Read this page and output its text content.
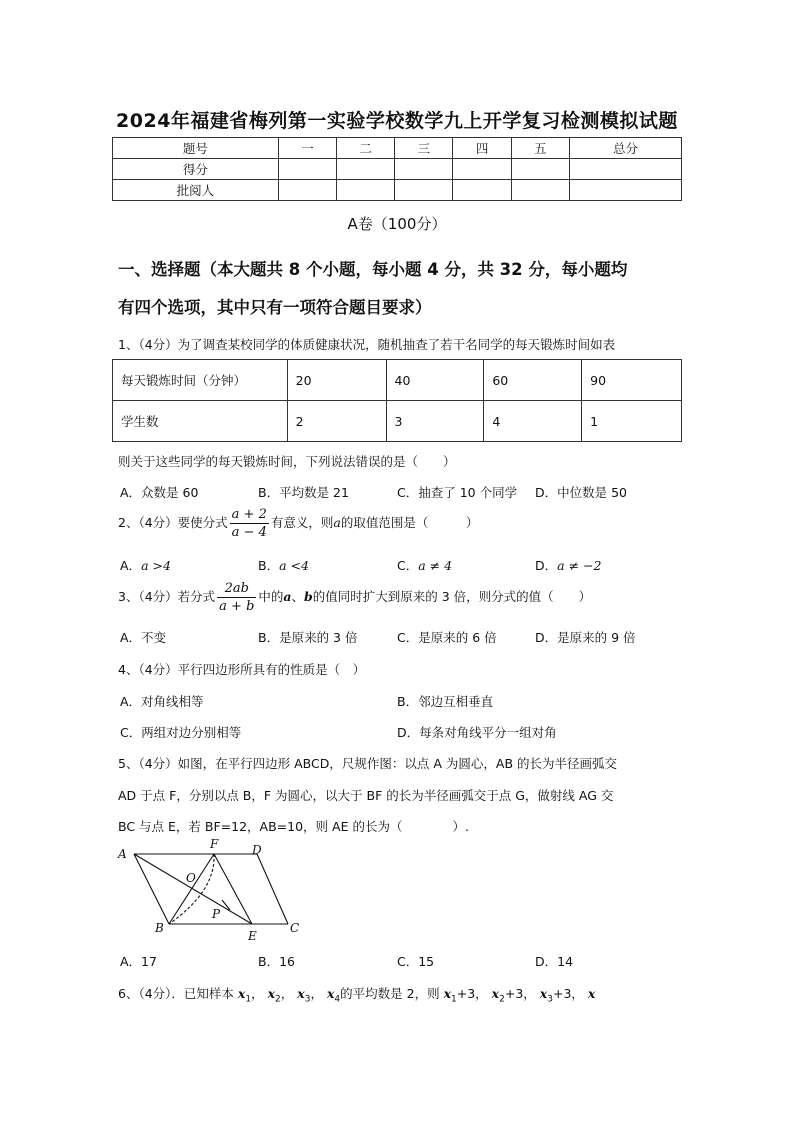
2024年福建省梅列第一实验学校数学九上开学复习检测模拟试题
题号	一	二	三	四	五	总分
得分						
批阅人						
A卷（100分）
一、选择题（本大题共 8 个小题，每小题 4 分，共 32 分，每小题均
有四个选项，其中只有一项符合题目要求）
1、（4分）为了调查某校同学的体质健康状况，随机抽查了若干名同学的每天锻炼时间如表
每天锻炼时间（分钟）	20	40	60	90
学生数	2	3	4	1
则关于这些同学的每天锻炼时间，下列说法错误的是（　　）
A．众数是 60	B．平均数是 21	C．抽查了 10 个同学 D．中位数是 50
2、（4分）要使分式 $\frac{a + 2}{a - 4}$ 有意义，则a的取值范围是（　　　）
A．a >4	B．a <4	C．a ≠ 4	D．a ≠ −2
3、（4分）若分式 $\frac{2ab}{a + b}$ 中的a、b的值同时扩大到原来的 3 倍，则分式的值（　　）
A．不变	B．是原来的 3 倍	C．是原来的 6 倍	D．是原来的 9 倍
4、（4分）平行四边形所具有的性质是（　）
A．对角线相等	B．邻边互相垂直
C．两组对边分别相等	D．每条对角线平分一组对角
5、（4分）如图，在平行四边形 ABCD，尺规作图：以点 A 为圆心，AB 的长为半径画弧交
AD 于点 F，分别以点 B，F 为圆心，以大于 BF 的长为半径画弧交于点 G，做射线 AG 交
BC 与点 E，若 BF=12，AB=10，则 AE 的长为（　　　　）.
A
F	D
O
P
B
E
C
A．17	B．16	C．15	D．14
6、（4分）．已知样本 $x_1$， $x_2$， $x_3$， $x_4$的平均数是 2，则 $x_1+3$， $x_2+3$， $x_3+3$， x
